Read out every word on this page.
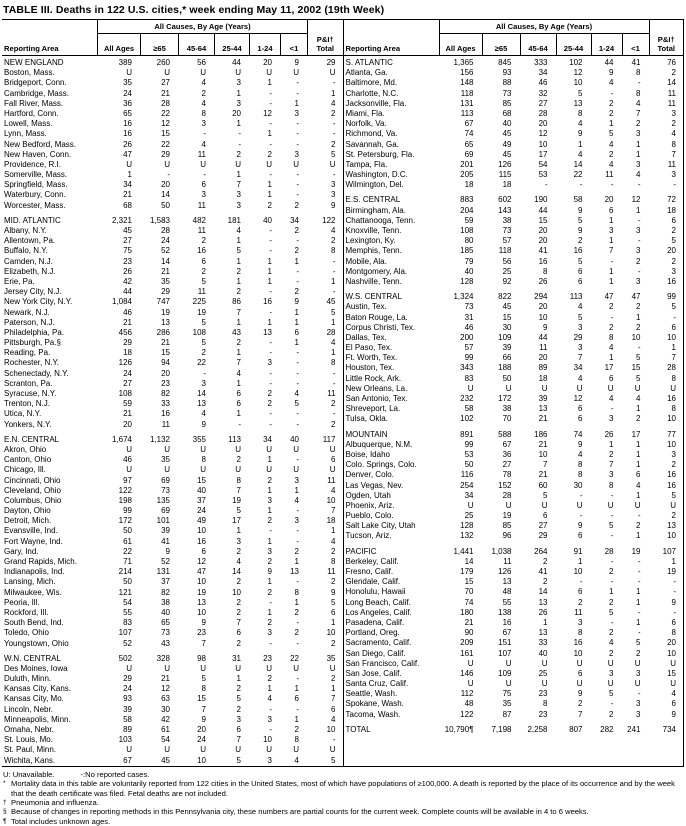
TABLE III. Deaths in 122 U.S. cities,* week ending May 11, 2002 (19th Week)
All Causes, By Age (Years)
Reporting Area	All Ages	≥65	45-64	25-44	1-24	<1
P&I†
Total
NEW ENGLAND	389	260	56	44	20	9	29
Boston, Mass.	U	U	U	U	U	U	U
Bridgeport, Conn.	35	27	4	3	1	-	-
Cambridge, Mass.	24	21	2	1	-	-	1
Fall River, Mass.	36	28	4	3	-	1	4
Hartford, Conn.	65	22	8	20	12	3	2
Lowell, Mass.	16	12	3	1	-	-	-
Lynn, Mass.	16	15	-	-	1	-	-
New Bedford, Mass.	26	22	4	-	-	-	2
New Haven, Conn.	47	29	11	2	2	3	5
Providence, R.I.	U	U	U	U	U	U	U
Somerville, Mass.	1	-	-	1	-	-	-
Springfield, Mass.	34	20	6	7	1	-	3
Waterbury, Conn.	21	14	3	3	1	-	3
Worcester, Mass.	68	50	11	3	2	2	9
MID. ATLANTIC	2,321	1,583	482	181	40	34	122
Albany, N.Y.	45	28	11	4	-	2	4
Allentown, Pa.	27	24	2	1	-	-	2
Buffalo, N.Y.	75	52	16	5	-	2	8
Camden, N.J.	23	14	6	1	1	1	-
Elizabeth, N.J.	26	21	2	2	1	-	-
Erie, Pa.	42	35	5	1	1	-	1
Jersey City, N.J.	44	29	11	2	-	2	-
New York City, N.Y.	1,084	747	225	86	16	9	45
Newark, N.J.	46	19	19	7	-	1	5
Paterson, N.J.	21	13	5	1	1	1	1
Philadelphia, Pa.	456	286	108	43	13	6	28
Pittsburgh, Pa.§	29	21	5	2	-	1	4
Reading, Pa.	18	15	2	1	-	-	1
Rochester, N.Y.	126	94	22	7	3	-	8
Schenectady, N.Y.	24	20	-	4	-	-	-
Scranton, Pa.	27	23	3	1	-	-	-
Syracuse, N.Y.	108	82	14	6	2	4	11
Trenton, N.J.	59	33	13	6	2	5	2
Utica, N.Y.	21	16	4	1	-	-	-
Yonkers, N.Y.	20	11	9	-	-	-	2
E.N. CENTRAL	1,674	1,132	355	113	34	40	117
Akron, Ohio	U	U	U	U	U	U	U
Canton, Ohio	46	35	8	2	1	-	6
Chicago, Ill.	U	U	U	U	U	U	U
Cincinnati, Ohio	97	69	15	8	2	3	11
Cleveland, Ohio	122	73	40	7	1	1	4
Columbus, Ohio	198	135	37	19	3	4	10
Dayton, Ohio	99	69	24	5	1	-	7
Detroit, Mich.	172	101	49	17	2	3	18
Evansville, Ind.	50	39	10	1	-	-	1
Fort Wayne, Ind.	61	41	16	3	1	-	4
Gary, Ind.	22	9	6	2	3	2	2
Grand Rapids, Mich.	71	52	12	4	2	1	8
Indianapolis, Ind.	214	131	47	14	9	13	11
Lansing, Mich.	50	37	10	2	1	-	2
Milwaukee, Wis.	121	82	19	10	2	8	9
Peoria, Ill.	54	38	13	2	-	1	5
Rockford, Ill.	55	40	10	2	1	2	6
South Bend, Ind.	83	65	9	7	2	-	1
Toledo, Ohio	107	73	23	6	3	2	10
Youngstown, Ohio	52	43	7	2	-	-	2
W.N. CENTRAL	502	328	98	31	23	22	35
Des Moines, Iowa	U	U	U	U	U	U	U
Duluth, Minn.	29	21	5	1	2	-	2
Kansas City, Kans.	24	12	8	2	1	1	1
Kansas City, Mo.	93	63	15	5	4	6	7
Lincoln, Nebr.	39	30	7	2	-	-	6
Minneapolis, Minn.	58	42	9	3	3	1	4
Omaha, Nebr.	89	61	20	6	-	2	10
St. Louis, Mo.	103	54	24	7	10	8	-
St. Paul, Minn.	U	U	U	U	U	U	U
Wichita, Kans.	67	45	10	5	3	4	5
All Causes, By Age (Years)
Reporting Area	All Ages	≥65	45-64	25-44	1-24	<1
P&I†
Total
S. ATLANTIC	1,365	845	333	102	44	41	76
Atlanta, Ga.	156	93	34	12	9	8	2
Baltimore, Md.	148	88	46	10	4	-	14
Charlotte, N.C.	118	73	32	5	-	8	11
Jacksonville, Fla.	131	85	27	13	2	4	11
Miami, Fla.	113	68	28	8	2	7	3
Norfolk, Va.	67	40	20	4	1	2	2
Richmond, Va.	74	45	12	9	5	3	4
Savannah, Ga.	65	49	10	1	4	1	8
St. Petersburg, Fla.	69	45	17	4	2	1	7
Tampa, Fla.	201	126	54	14	4	3	11
Washington, D.C.	205	115	53	22	11	4	3
Wilmington, Del.	18	18	-	-	-	-	-
E.S. CENTRAL	883	602	190	58	20	12	72
Birmingham, Ala.	204	143	44	9	6	1	18
Chattanooga, Tenn.	59	38	15	5	1	-	6
Knoxville, Tenn.	108	73	20	9	3	3	2
Lexington, Ky.	80	57	20	2	1	-	5
Memphis, Tenn.	185	118	41	16	7	3	20
Mobile, Ala.	79	56	16	5	-	2	2
Montgomery, Ala.	40	25	8	6	1	-	3
Nashville, Tenn.	128	92	26	6	1	3	16
W.S. CENTRAL	1,324	822	294	113	47	47	99
Austin, Tex.	73	45	20	4	2	2	5
Baton Rouge, La.	31	15	10	5	-	1	-
Corpus Christi, Tex.	46	30	9	3	2	2	6
Dallas, Tex.	200	109	44	29	8	10	10
El Paso, Tex.	57	39	11	3	4	-	1
Ft. Worth, Tex.	99	66	20	7	1	5	7
Houston, Tex.	343	188	89	34	17	15	28
Little Rock, Ark.	83	50	18	4	6	5	8
New Orleans, La.	U	U	U	U	U	U	U
San Antonio, Tex.	232	172	39	12	4	4	16
Shreveport, La.	58	38	13	6	-	1	8
Tulsa, Okla.	102	70	21	6	3	2	10
MOUNTAIN	891	588	186	74	26	17	77
Albuquerque, N.M.	99	67	21	9	1	1	10
Boise, Idaho	53	36	10	4	2	1	3
Colo. Springs, Colo.	50	27	7	8	7	1	2
Denver, Colo.	116	78	21	8	3	6	16
Las Vegas, Nev.	254	152	60	30	8	4	16
Ogden, Utah	34	28	5	-	-	1	5
Phoenix, Ariz.	U	U	U	U	U	U	U
Pueblo, Colo.	25	19	6	-	-	-	2
Salt Lake City, Utah	128	85	27	9	5	2	13
Tucson, Ariz.	132	96	29	6	-	1	10
PACIFIC	1,441	1,038	264	91	28	19	107
Berkeley, Calif.	14	11	2	1	-	-	1
Fresno, Calif.	179	126	41	10	2	-	19
Glendale, Calif.	15	13	2	-	-	-	-
Honolulu, Hawaii	70	48	14	6	1	1	-
Long Beach, Calif.	74	55	13	2	2	1	9
Los Angeles, Calif.	180	138	26	11	5	-	-
Pasadena, Calif.	21	16	1	3	-	1	6
Portland, Oreg.	90	67	13	8	2	-	8
Sacramento, Calif.	209	151	33	16	4	5	20
San Diego, Calif.	161	107	40	10	2	2	10
San Francisco, Calif.	U	U	U	U	U	U	U
San Jose, Calif.	146	109	25	6	3	3	15
Santa Cruz, Calif.	U	U	U	U	U	U	U
Seattle, Wash.	112	75	23	9	5	-	4
Spokane, Wash.	48	35	8	2	-	3	6
Tacoma, Wash.	122	87	23	7	2	3	9
TOTAL	10,790¶	7,198	2,258	807	282	241	734
U: Unavailable.	-:No reported cases.
* Mortality data in this table are voluntarily reported from 122 cities in the United States, most of which have populations of ≥100,000. A death is reported by the place of its occurrence and by the week that the death certificate was filed. Fetal deaths are not included.
† Pneumonia and influenza.
§ Because of changes in reporting methods in this Pennsylvania city, these numbers are partial counts for the current week. Complete counts will be available in 4 to 6 weeks.
¶ Total includes unknown ages.
